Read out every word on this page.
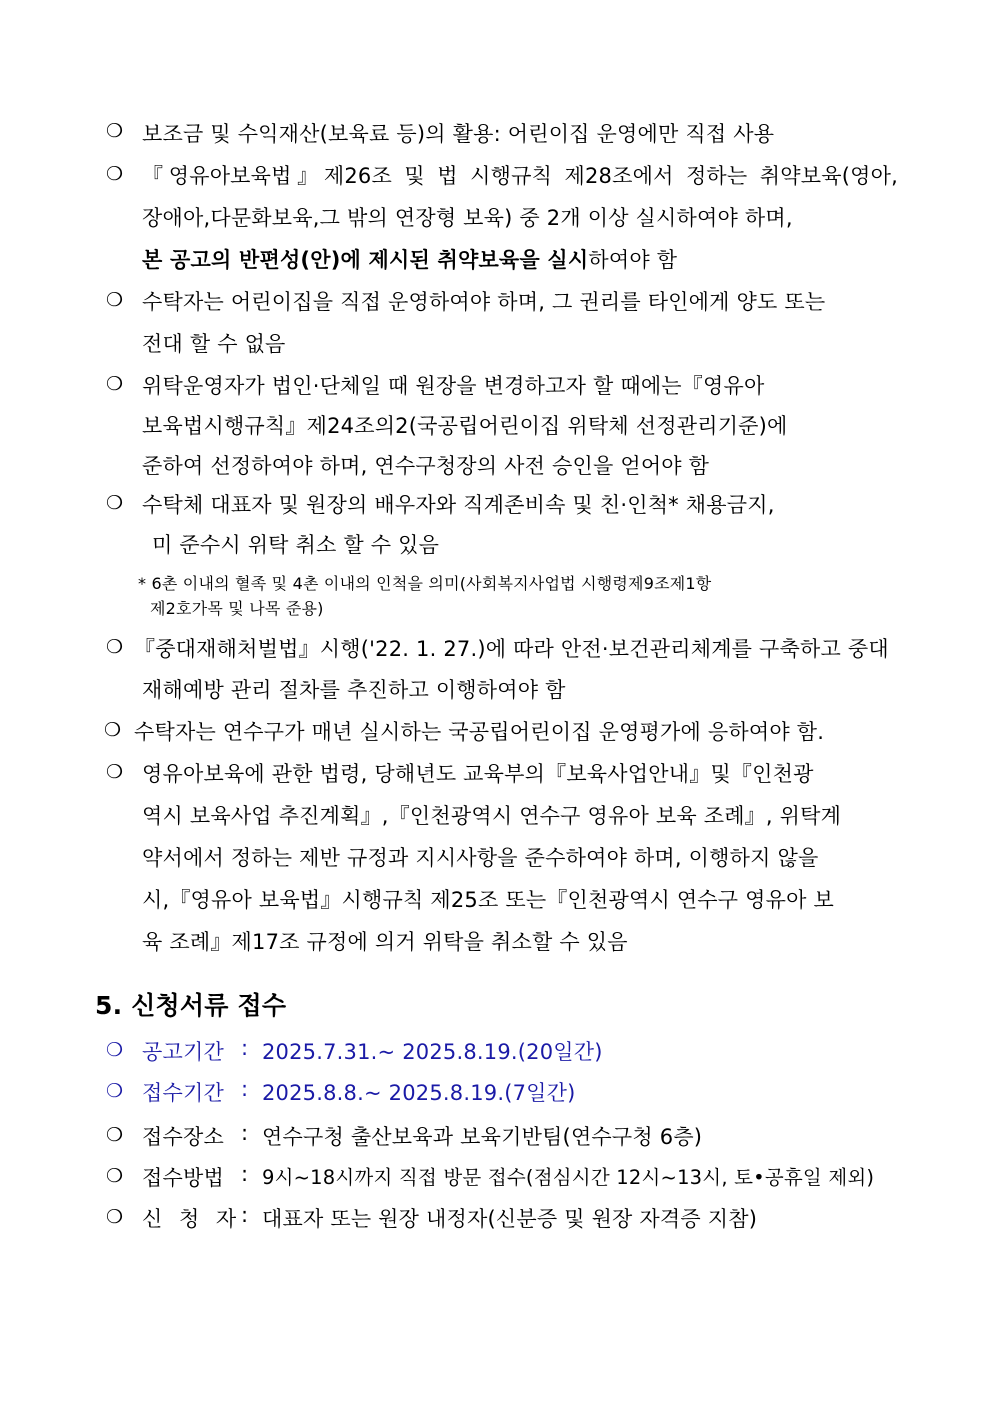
❍ 보조금 및 수익재산(보육료 등)의 활용: 어린이집 운영에만 직접 사용
❍ 『영유아보육법』제26조 및 법 시행규칙 제28조에서 정하는 취약보육(영아,
장애아,다문화보육,그 밖의 연장형 보육) 중 2개 이상 실시하여야 하며,
본 공고의 반편성(안)에 제시된 취약보육을 실시하여야 함
❍ 수탁자는 어린이집을 직접 운영하여야 하며, 그 권리를 타인에게 양도 또는
전대 할 수 없음
❍ 위탁운영자가 법인·단체일 때 원장을 변경하고자 할 때에는『영유아
보육법시행규칙』제24조의2(국공립어린이집 위탁체 선정관리기준)에
준하여 선정하여야 하며, 연수구청장의 사전 승인을 얻어야 함
❍ 수탁체 대표자 및 원장의 배우자와 직계존비속 및 친·인척* 채용금지,
미 준수시 위탁 취소 할 수 있음
* 6촌 이내의 혈족 및 4촌 이내의 인척을 의미(사회복지사업법 시행령제9조제1항
제2호가목 및 나목 준용)
❍ 『중대재해처벌법』시행('22. 1. 27.)에 따라 안전·보건관리체계를 구축하고 중대
재해예방 관리 절차를 추진하고 이행하여야 함
❍ 수탁자는 연수구가 매년 실시하는 국공립어린이집 운영평가에 응하여야 함.
❍ 영유아보육에 관한 법령, 당해년도 교육부의『보육사업안내』및『인천광
역시 보육사업 추진계획』,『인천광역시 연수구 영유아 보육 조례』, 위탁계
약서에서 정하는 제반 규정과 지시사항을 준수하여야 하며, 이행하지 않을
시,『영유아 보육법』시행규칙 제25조 또는『인천광역시 연수구 영유아 보
육 조례』제17조 규정에 의거 위탁을 취소할 수 있음
5. 신청서류 접수
❍ 공고기간 : 2025.7.31.~ 2025.8.19.(20일간)
❍ 접수기간 : 2025.8.8.~ 2025.8.19.(7일간)
❍ 접수장소 : 연수구청 출산보육과 보육기반팀(연수구청 6층)
❍ 접수방법 : 9시~18시까지 직접 방문 접수(점심시간 12시~13시, 토•공휴일 제외)
❍ 신 청 자 : 대표자 또는 원장 내정자(신분증 및 원장 자격증 지참)
